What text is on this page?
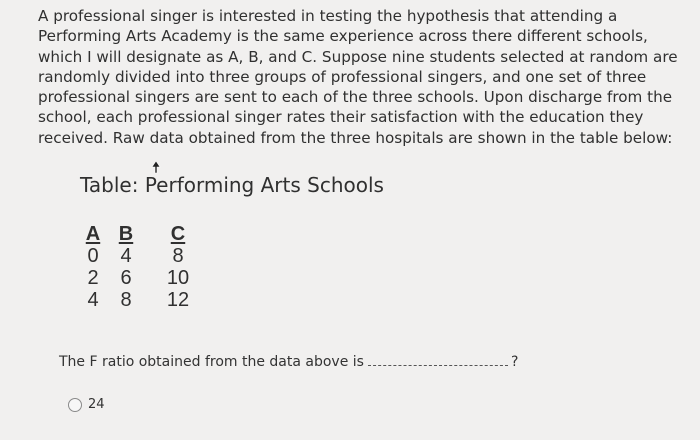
A professional singer is interested in testing the hypothesis that attending a
Performing Arts Academy is the same experience across there different schools,
which I will designate as A, B, and C. Suppose nine students selected at random are
randomly divided into three groups of professional singers, and one set of three
professional singers are sent to each of the three schools. Upon discharge from the
school, each professional singer rates their satisfaction with the education they
received. Raw data obtained from the three hospitals are shown in the table below:
Table: Performing Arts Schools
A	B	C
0	4	8
2	6	10
4	8	12
The F ratio obtained from the data above is	?
24
